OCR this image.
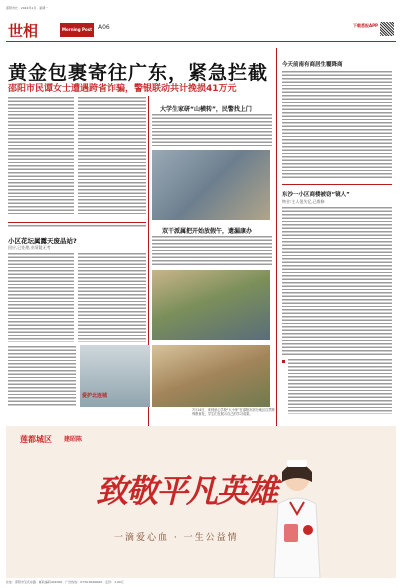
邵阳市长 · 2024年1月 · 星期一
世相	Morning Post	A06	下载悉报APP
黄金包裹寄往广东，紧急拦截
邵阳市民谭女士遭遇跨省诈骗，警银联动共计挽损41万元
大学生家研“山横转”，民警找上门
双干派属把开始放假午，遗漏康办
爱护北连城
7月14日，来到爱心学校“大小家”在邵阳市部分地区自然特殊教育处，学生们在展示自己的学习成果。
小区花坛属露天废品站?
回应,已处理,业绩疑无考
今天前南有商居生覆降商
东沙一小区商楼被窃“镜人”
物业:主人很失忆,已维修
莲都城区 建昭陈
致敬平凡英雄
一滴爱心血 · 一生公益情
社址：邵阳市宝庆东路 · 邮政编码422000 · 广告热线：0739-8000000 · 定价：1.00元
